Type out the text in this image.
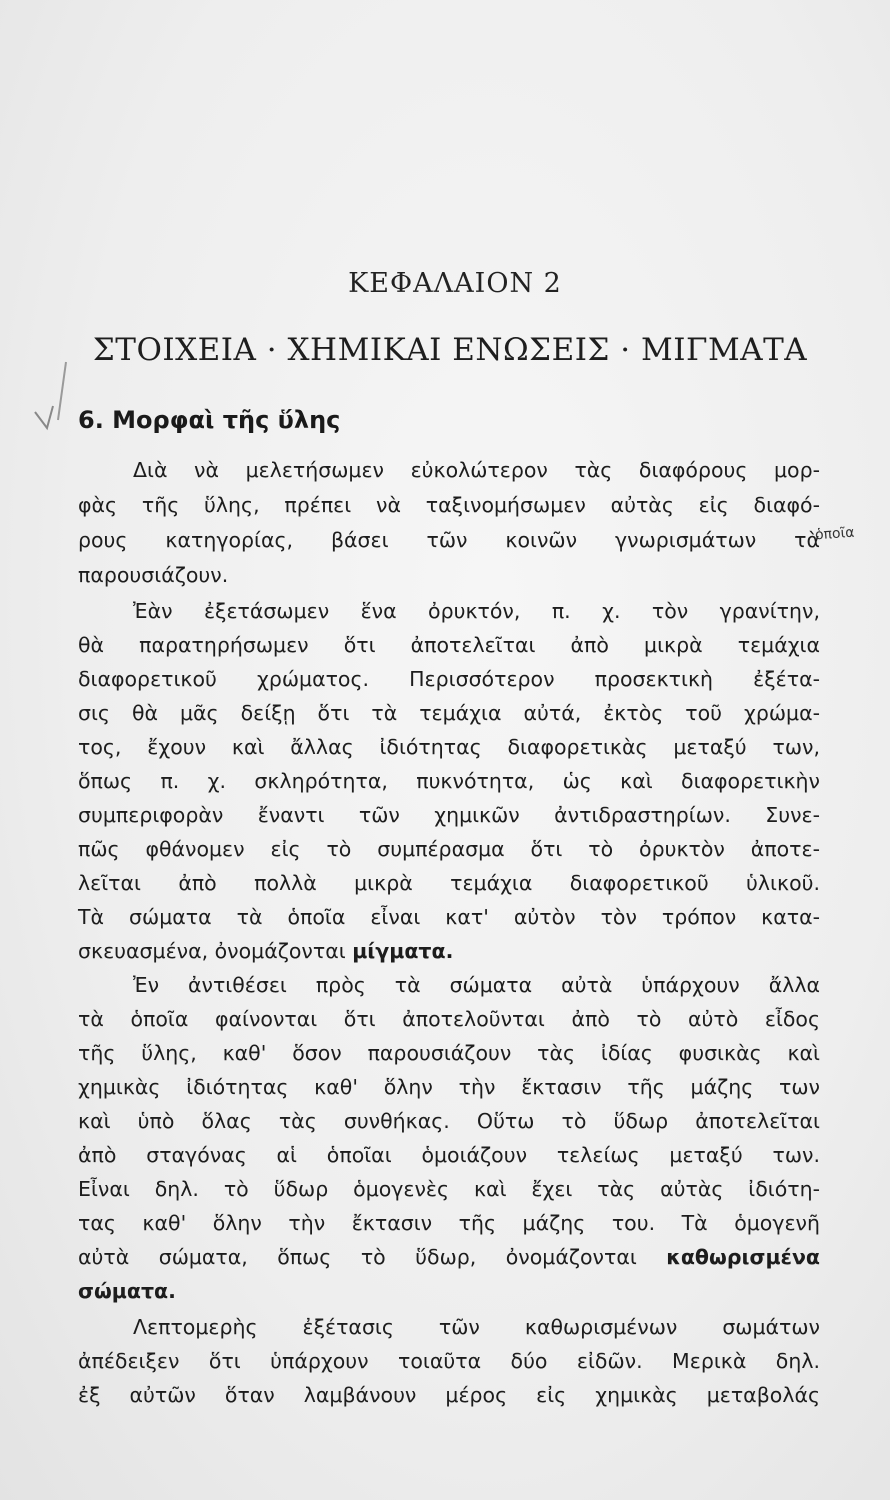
ΚΕΦΑΛΑΙΟΝ 2
ΣΤΟΙΧΕΙΑ · ΧΗΜΙΚΑΙ ΕΝΩΣΕΙΣ · ΜΙΓΜΑΤΑ
6. Μορφαὶ τῆς ὕλης
Διὰ νὰ μελετήσωμεν εὐκολώτερον τὰς διαφόρους μορ-
φὰς τῆς ὕλης, πρέπει νὰ ταξινομήσωμεν αὐτὰς εἰς διαφό-
ρους κατηγορίας, βάσει τῶν κοινῶν γνωρισμάτων τὰ
ὁποῖα
παρουσιάζουν.
Ἐὰν ἐξετάσωμεν ἕνα ὀρυκτόν, π. χ. τὸν γρανίτην,
θὰ παρατηρήσωμεν ὅτι ἀποτελεῖται ἀπὸ μικρὰ τεμάχια
διαφορετικοῦ χρώματος. Περισσότερον προσεκτικὴ ἐξέτα-
σις θὰ μᾶς δείξῃ ὅτι τὰ τεμάχια αὐτά, ἐκτὸς τοῦ χρώμα-
τος, ἔχουν καὶ ἄλλας ἰδιότητας διαφορετικὰς μεταξύ των,
ὅπως π. χ. σκληρότητα, πυκνότητα, ὡς καὶ διαφορετικὴν
συμπεριφορὰν ἔναντι τῶν χημικῶν ἀντιδραστηρίων. Συνε-
πῶς φθάνομεν εἰς τὸ συμπέρασμα ὅτι τὸ ὀρυκτὸν ἀποτε-
λεῖται ἀπὸ πολλὰ μικρὰ τεμάχια διαφορετικοῦ ὑλικοῦ.
Τὰ σώματα τὰ ὁποῖα εἶναι κατ' αὐτὸν τὸν τρόπον κατα-
σκευασμένα, ὀνομάζονται μίγματα.
Ἐν ἀντιθέσει πρὸς τὰ σώματα αὐτὰ ὑπάρχουν ἄλλα
τὰ ὁποῖα φαίνονται ὅτι ἀποτελοῦνται ἀπὸ τὸ αὐτὸ εἶδος
τῆς ὕλης, καθ' ὅσον παρουσιάζουν τὰς ἰδίας φυσικὰς καὶ
χημικὰς ἰδιότητας καθ' ὅλην τὴν ἔκτασιν τῆς μάζης των
καὶ ὑπὸ ὅλας τὰς συνθήκας. Οὕτω τὸ ὕδωρ ἀποτελεῖται
ἀπὸ σταγόνας αἱ ὁποῖαι ὁμοιάζουν τελείως μεταξύ των.
Εἶναι δηλ. τὸ ὕδωρ ὁμογενὲς καὶ ἔχει τὰς αὐτὰς ἰδιότη-
τας καθ' ὅλην τὴν ἔκτασιν τῆς μάζης του. Τὰ ὁμογενῆ
αὐτὰ σώματα, ὅπως τὸ ὕδωρ, ὀνομάζονται καθωρισμένα
σώματα.
Λεπτομερὴς ἐξέτασις τῶν καθωρισμένων σωμάτων
ἀπέδειξεν ὅτι ὑπάρχουν τοιαῦτα δύο εἰδῶν. Μερικὰ δηλ.
ἐξ αὐτῶν ὅταν λαμβάνουν μέρος εἰς χημικὰς μεταβολάς
